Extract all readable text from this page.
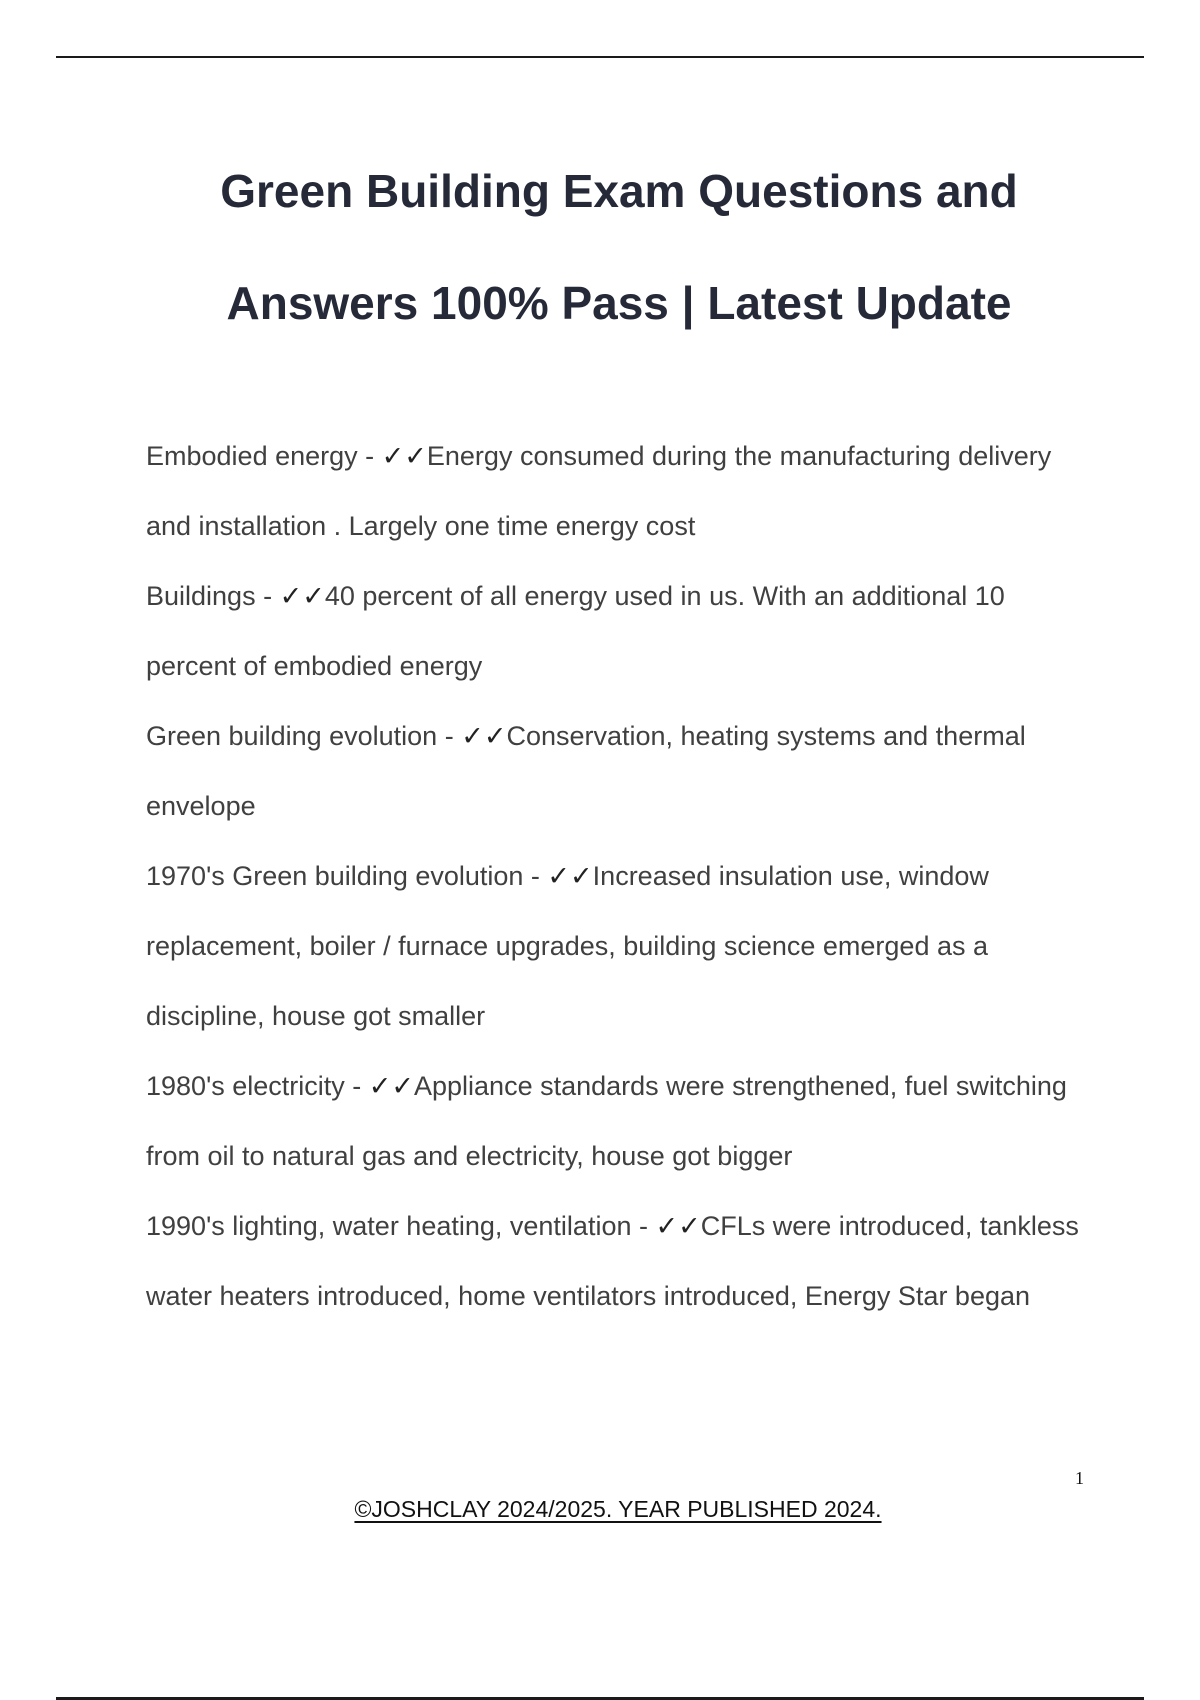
Green Building Exam Questions and
Answers 100% Pass | Latest Update
Embodied energy - ✓✓Energy consumed during the manufacturing delivery and installation . Largely one time energy cost
Buildings - ✓✓40 percent of all energy used in us. With an additional 10 percent of embodied energy
Green building evolution - ✓✓Conservation, heating systems and thermal envelope
1970's Green building evolution - ✓✓Increased insulation use, window replacement, boiler / furnace upgrades, building science emerged as a discipline, house got smaller
1980's electricity - ✓✓Appliance standards were strengthened, fuel switching from oil to natural gas and electricity, house got bigger
1990's lighting, water heating, ventilation - ✓✓CFLs were introduced, tankless water heaters introduced, home ventilators introduced, Energy Star began
1
©JOSHCLAY 2024/2025. YEAR PUBLISHED 2024.
